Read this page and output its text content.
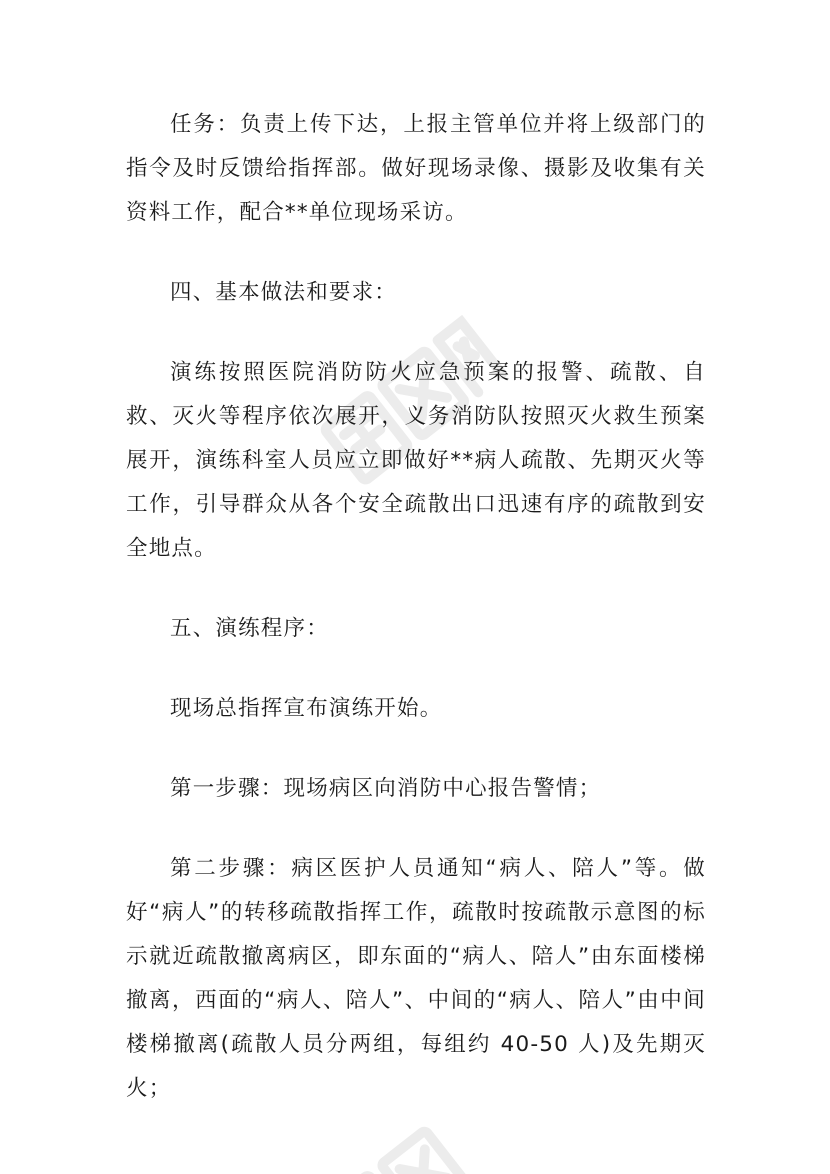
任务：负责上传下达，上报主管单位并将上级部门的指令及时反馈给指挥部。做好现场录像、摄影及收集有关资料工作，配合**单位现场采访。

四、基本做法和要求：

演练按照医院消防防火应急预案的报警、疏散、自救、灭火等程序依次展开，义务消防队按照灭火救生预案展开，演练科室人员应立即做好**病人疏散、先期灭火等工作，引导群众从各个安全疏散出口迅速有序的疏散到安全地点。

五、演练程序：

现场总指挥宣布演练开始。

第一步骤：现场病区向消防中心报告警情；

第二步骤：病区医护人员通知“病人、陪人”等。做好“病人”的转移疏散指挥工作，疏散时按疏散示意图的标示就近疏散撤离病区，即东面的“病人、陪人”由东面楼梯撤离，西面的“病人、陪人”、中间的“病人、陪人”由中间楼梯撤离(疏散人员分两组，每组约 40-50 人)及先期灭火；
